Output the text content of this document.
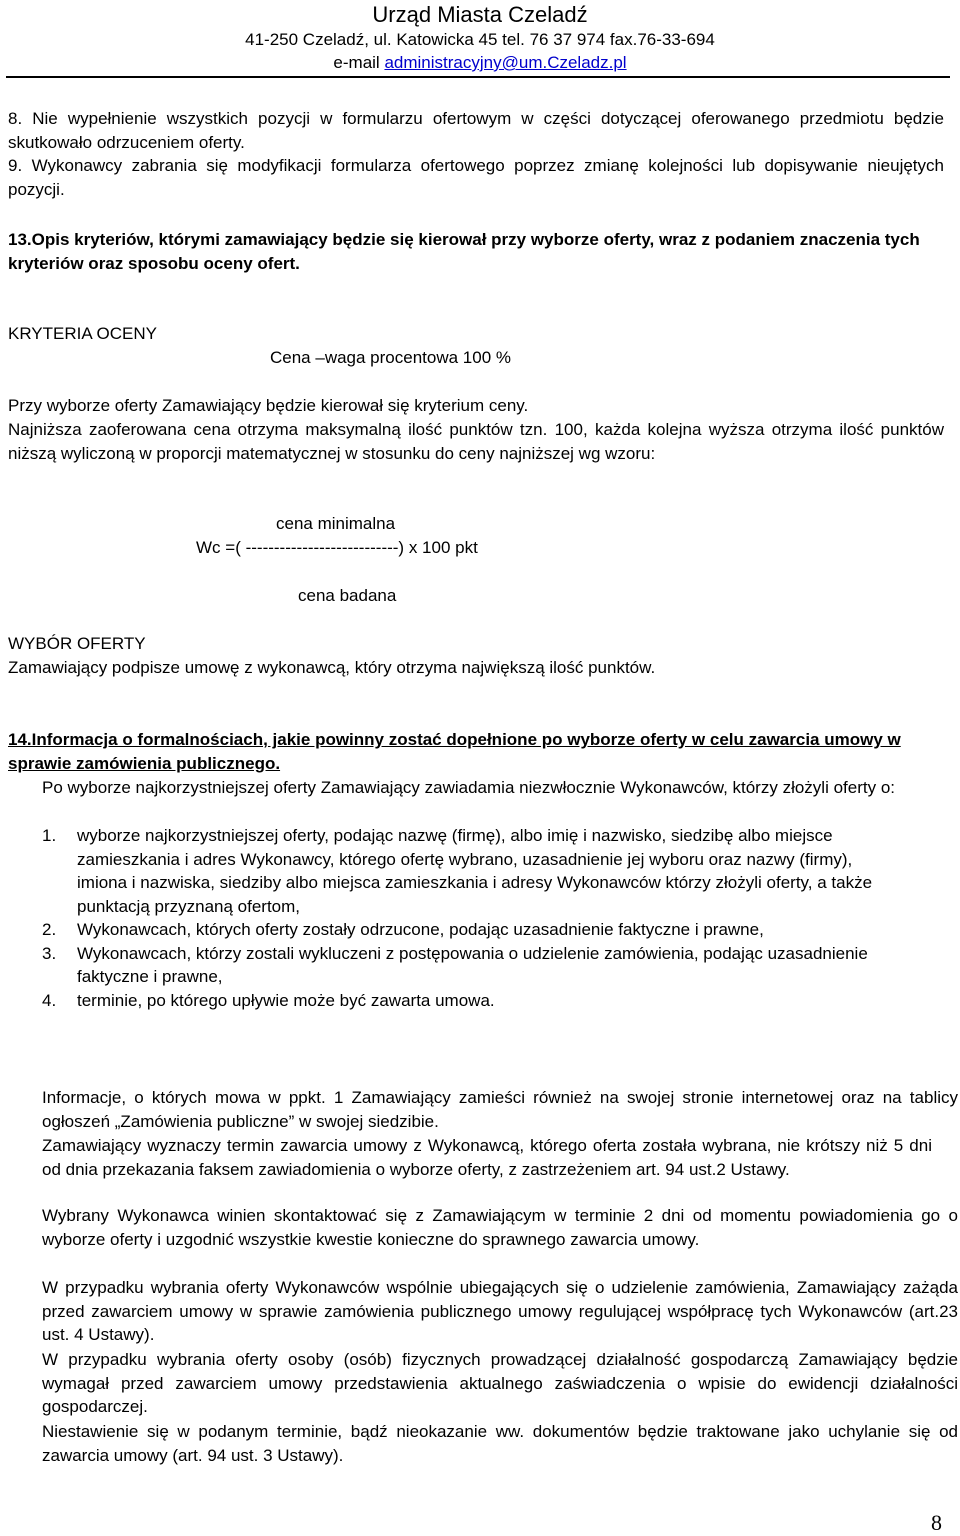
Urząd Miasta Czeladź
41-250 Czeladź, ul. Katowicka 45 tel. 76 37 974 fax.76-33-694
e-mail administracyjny@um.Czeladz.pl

8. Nie wypełnienie wszystkich pozycji w formularzu ofertowym w części dotyczącej oferowanego przedmiotu będzie skutkowało odrzuceniem oferty.

9. Wykonawcy zabrania się modyfikacji formularza ofertowego poprzez zmianę kolejności lub dopisywanie nieujętych pozycji.

13.Opis kryteriów, którymi zamawiający będzie się kierował przy wyborze oferty, wraz z podaniem znaczenia tych kryteriów oraz sposobu oceny ofert.

KRYTERIA OCENY

Cena –waga procentowa 100 %

Przy wyborze oferty Zamawiający będzie kierował się kryterium ceny.

Najniższa zaoferowana cena otrzyma maksymalną ilość punktów tzn. 100, każda kolejna wyższa otrzyma ilość punktów niższą wyliczoną w proporcji matematycznej w stosunku do ceny najniższej wg wzoru:

cena minimalna

Wc =( ---------------------------) x 100 pkt

cena badana

WYBÓR OFERTY

Zamawiający podpisze umowę z wykonawcą, który otrzyma największą ilość punktów.

14.Informacja o formalnościach, jakie powinny zostać dopełnione po wyborze oferty w celu zawarcia umowy w sprawie zamówienia publicznego.

Po wyborze najkorzystniejszej oferty Zamawiający zawiadamia niezwłocznie Wykonawców, którzy złożyli oferty o:

1.	wyborze najkorzystniejszej oferty, podając nazwę (firmę), albo imię i nazwisko, siedzibę albo miejsce zamieszkania i adres Wykonawcy, którego ofertę wybrano, uzasadnienie jej wyboru oraz nazwy (firmy), imiona i nazwiska, siedziby albo miejsca zamieszkania i adresy Wykonawców którzy złożyli oferty, a także punktacją przyznaną ofertom,
2.	Wykonawcach, których oferty zostały odrzucone, podając uzasadnienie faktyczne i prawne,
3.	Wykonawcach, którzy zostali wykluczeni z postępowania o udzielenie zamówienia, podając uzasadnienie faktyczne i prawne,
4.	terminie, po którego upływie może być zawarta umowa.

Informacje, o których mowa w ppkt. 1 Zamawiający zamieści również na swojej stronie internetowej oraz na tablicy ogłoszeń „Zamówienia publiczne” w swojej siedzibie.

Zamawiający wyznaczy termin zawarcia umowy z Wykonawcą, którego oferta została wybrana, nie krótszy niż 5 dni od dnia przekazania faksem zawiadomienia o wyborze oferty, z zastrzeżeniem art. 94 ust.2 Ustawy.

Wybrany Wykonawca winien skontaktować się z Zamawiającym w terminie 2 dni od momentu powiadomienia go o wyborze oferty i uzgodnić wszystkie kwestie konieczne do sprawnego zawarcia umowy.

W przypadku wybrania oferty Wykonawców wspólnie ubiegających się o udzielenie zamówienia, Zamawiający zażąda przed zawarciem umowy w sprawie zamówienia publicznego umowy regulującej współpracę tych Wykonawców (art.23 ust. 4 Ustawy).

W przypadku wybrania oferty osoby (osób) fizycznych prowadzącej działalność gospodarczą Zamawiający będzie wymagał przed zawarciem umowy przedstawienia aktualnego zaświadczenia o wpisie do ewidencji działalności gospodarczej.

Niestawienie się w podanym terminie, bądź nieokazanie ww. dokumentów będzie traktowane jako uchylanie się od zawarcia umowy (art. 94 ust. 3 Ustawy).

8
